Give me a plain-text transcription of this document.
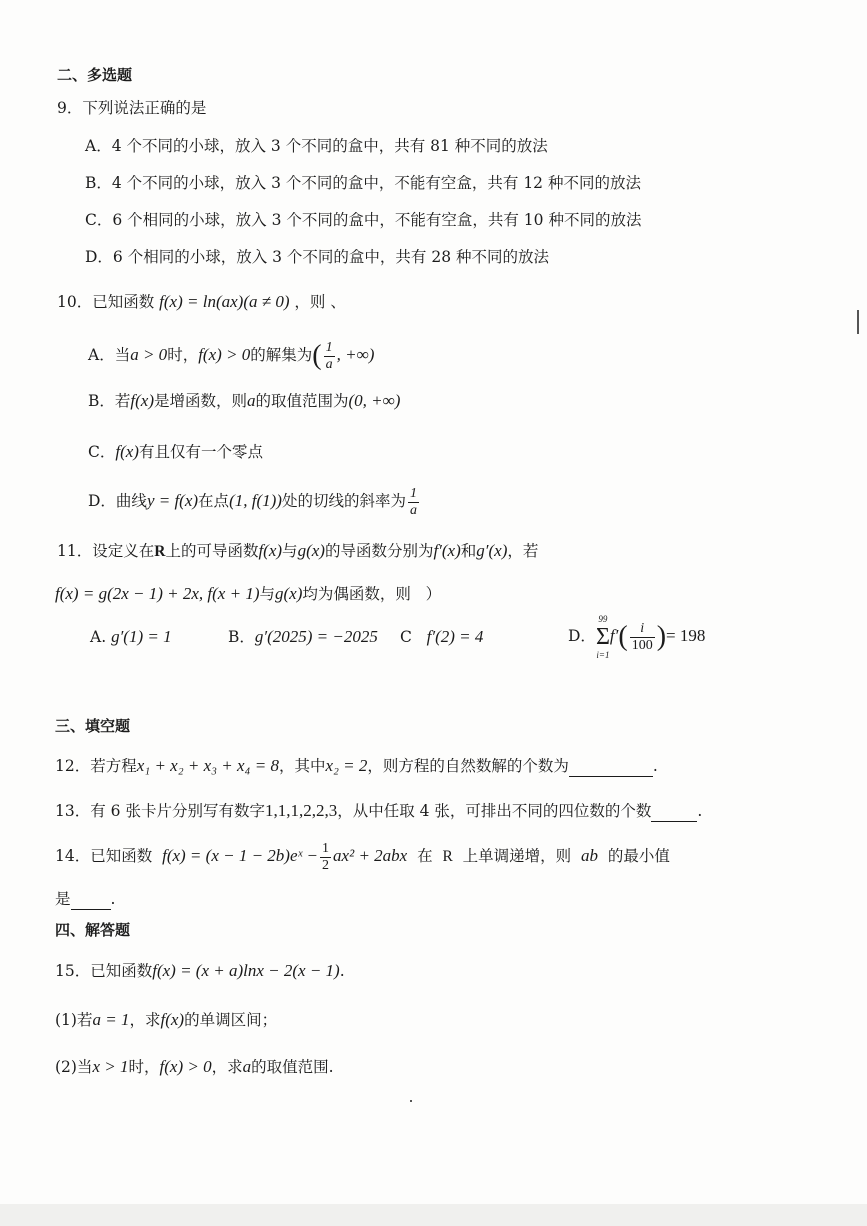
二、多选题
9．下列说法正确的是
A．4 个不同的小球，放入 3 个不同的盒中，共有 81 种不同的放法
B．4 个不同的小球，放入 3 个不同的盒中，不能有空盒，共有 12 种不同的放法
C．6 个相同的小球，放入 3 个不同的盒中，不能有空盒，共有 10 种不同的放法
D．6 个相同的小球，放入 3 个不同的盒中，共有 28 种不同的放法
10．已知函数 f(x) = ln(ax)(a ≠ 0) ，则 、
A．当a > 0时，f(x) > 0的解集为( $\frac{1}{a}$ , +∞)
B．若f(x)是增函数，则a的取值范围为(0, +∞)
C．f(x)有且仅有一个零点
D．曲线y = f(x)在点(1, f(1))处的切线的斜率为 $\frac{1}{a}$
11．设定义在R上的可导函数f(x)与g(x)的导函数分别为f′(x)和g′(x)，若
f(x) = g(2x − 1) + 2x, f(x + 1)与g(x)均为偶函数，则 ）
A. g′(1) = 1	B．g′(2025) = −2025 C f′(2) = 4	D．
99
Σ
i=1
$f'( \frac{i}{100}$ )= 198
三、填空题
12．若方程x₁ + x₂ + x₃ + x₄ = 8，其中x₂ = 2，则方程的自然数解的个数为	.
13．有 6 张卡片分别写有数字1,1,1,2,2,3，从中任取 4 张，可排出不同的四位数的个数	.
14．已知函数 f(x) = (x − 1 − 2b)eˣ − $\frac{1}{2} ax^2 + 2abx$ 在 R 上单调递增，则 ab 的最小值
是	.
四、解答题
15．已知函数f(x) = (x + a)lnx − 2(x − 1).
(1)若a = 1，求f(x)的单调区间；
(2)当x > 1时，f(x) > 0，求a的取值范围.
